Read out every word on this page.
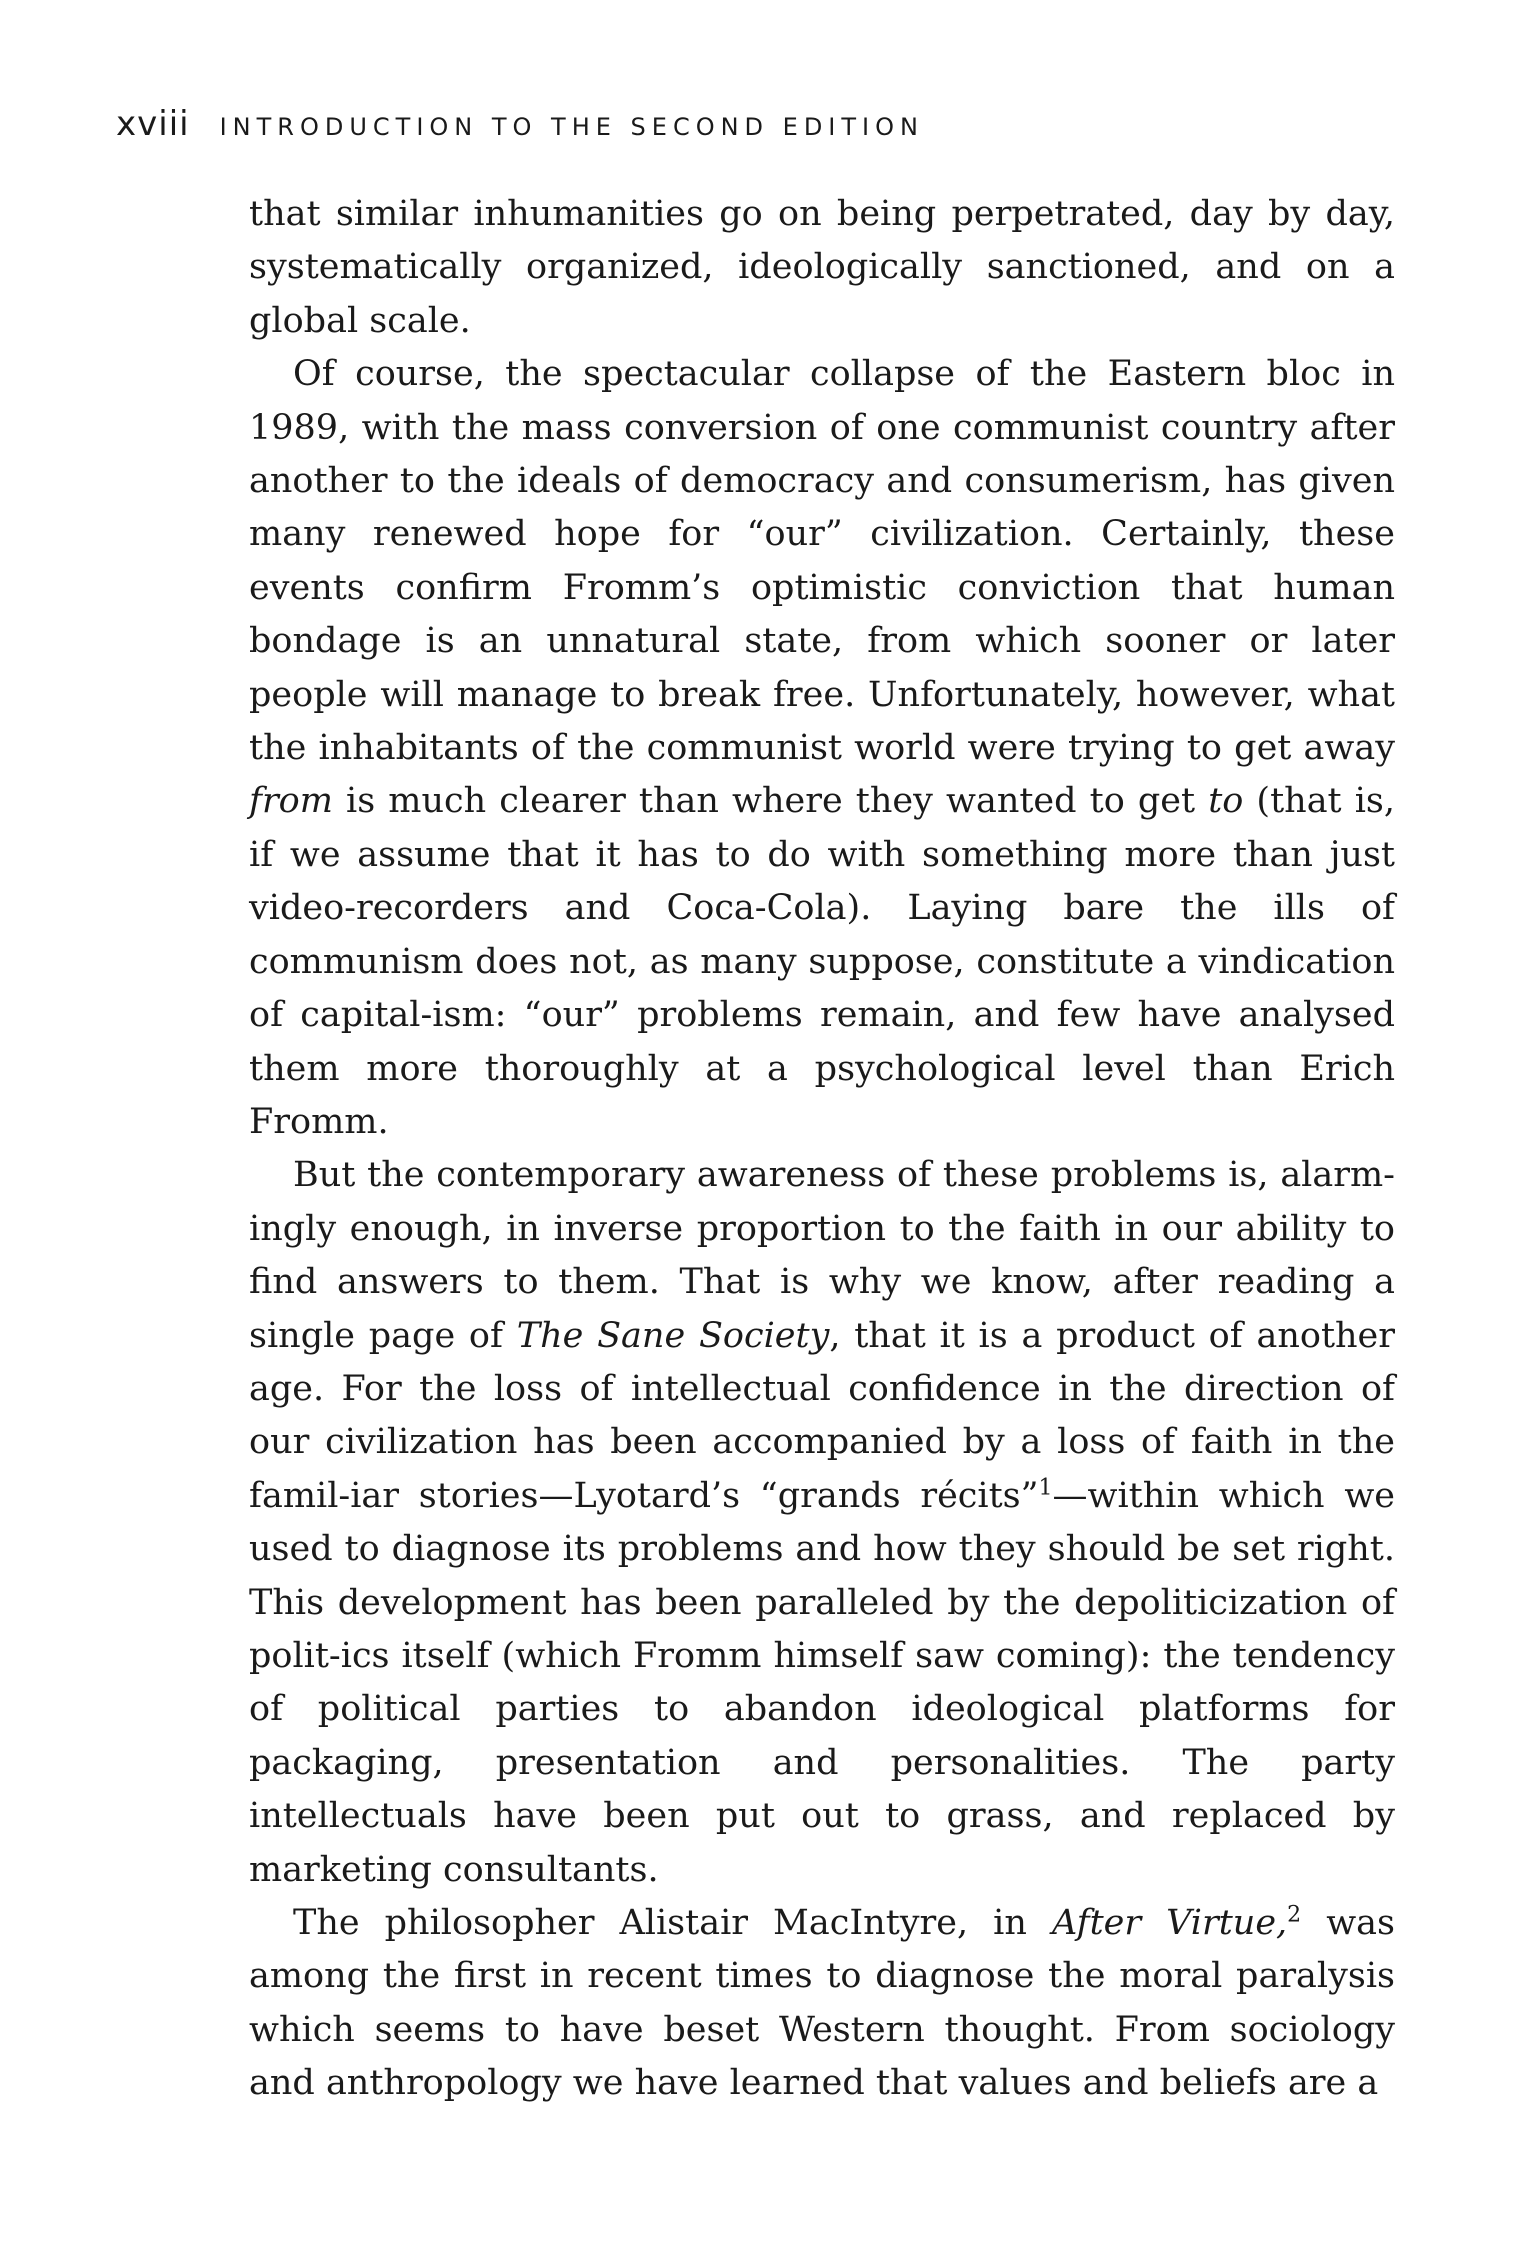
xviii INTRODUCTION TO THE SECOND EDITION

that similar inhumanities go on being perpetrated, day by day, systematically organized, ideologically sanctioned, and on a global scale.

Of course, the spectacular collapse of the Eastern bloc in 1989, with the mass conversion of one communist country after another to the ideals of democracy and consumerism, has given many renewed hope for “our” civilization. Certainly, these events confirm Fromm’s optimistic conviction that human bondage is an unnatural state, from which sooner or later people will manage to break free. Unfortunately, however, what the inhabitants of the communist world were trying to get away from is much clearer than where they wanted to get to (that is, if we assume that it has to do with something more than just video-recorders and Coca-Cola). Laying bare the ills of communism does not, as many suppose, constitute a vindication of capital-ism: “our” problems remain, and few have analysed them more thoroughly at a psychological level than Erich Fromm.

But the contemporary awareness of these problems is, alarm-ingly enough, in inverse proportion to the faith in our ability to find answers to them. That is why we know, after reading a single page of The Sane Society, that it is a product of another age. For the loss of intellectual confidence in the direction of our civilization has been accompanied by a loss of faith in the famil-iar stories—Lyotard’s “grands récits”$^1$—within which we used to diagnose its problems and how they should be set right. This development has been paralleled by the depoliticization of polit-ics itself (which Fromm himself saw coming): the tendency of political parties to abandon ideological platforms for packaging, presentation and personalities. The party intellectuals have been put out to grass, and replaced by marketing consultants.

The philosopher Alistair MacIntyre, in After Virtue,$^2$ was among the first in recent times to diagnose the moral paralysis which seems to have beset Western thought. From sociology and anthropology we have learned that values and beliefs are a
